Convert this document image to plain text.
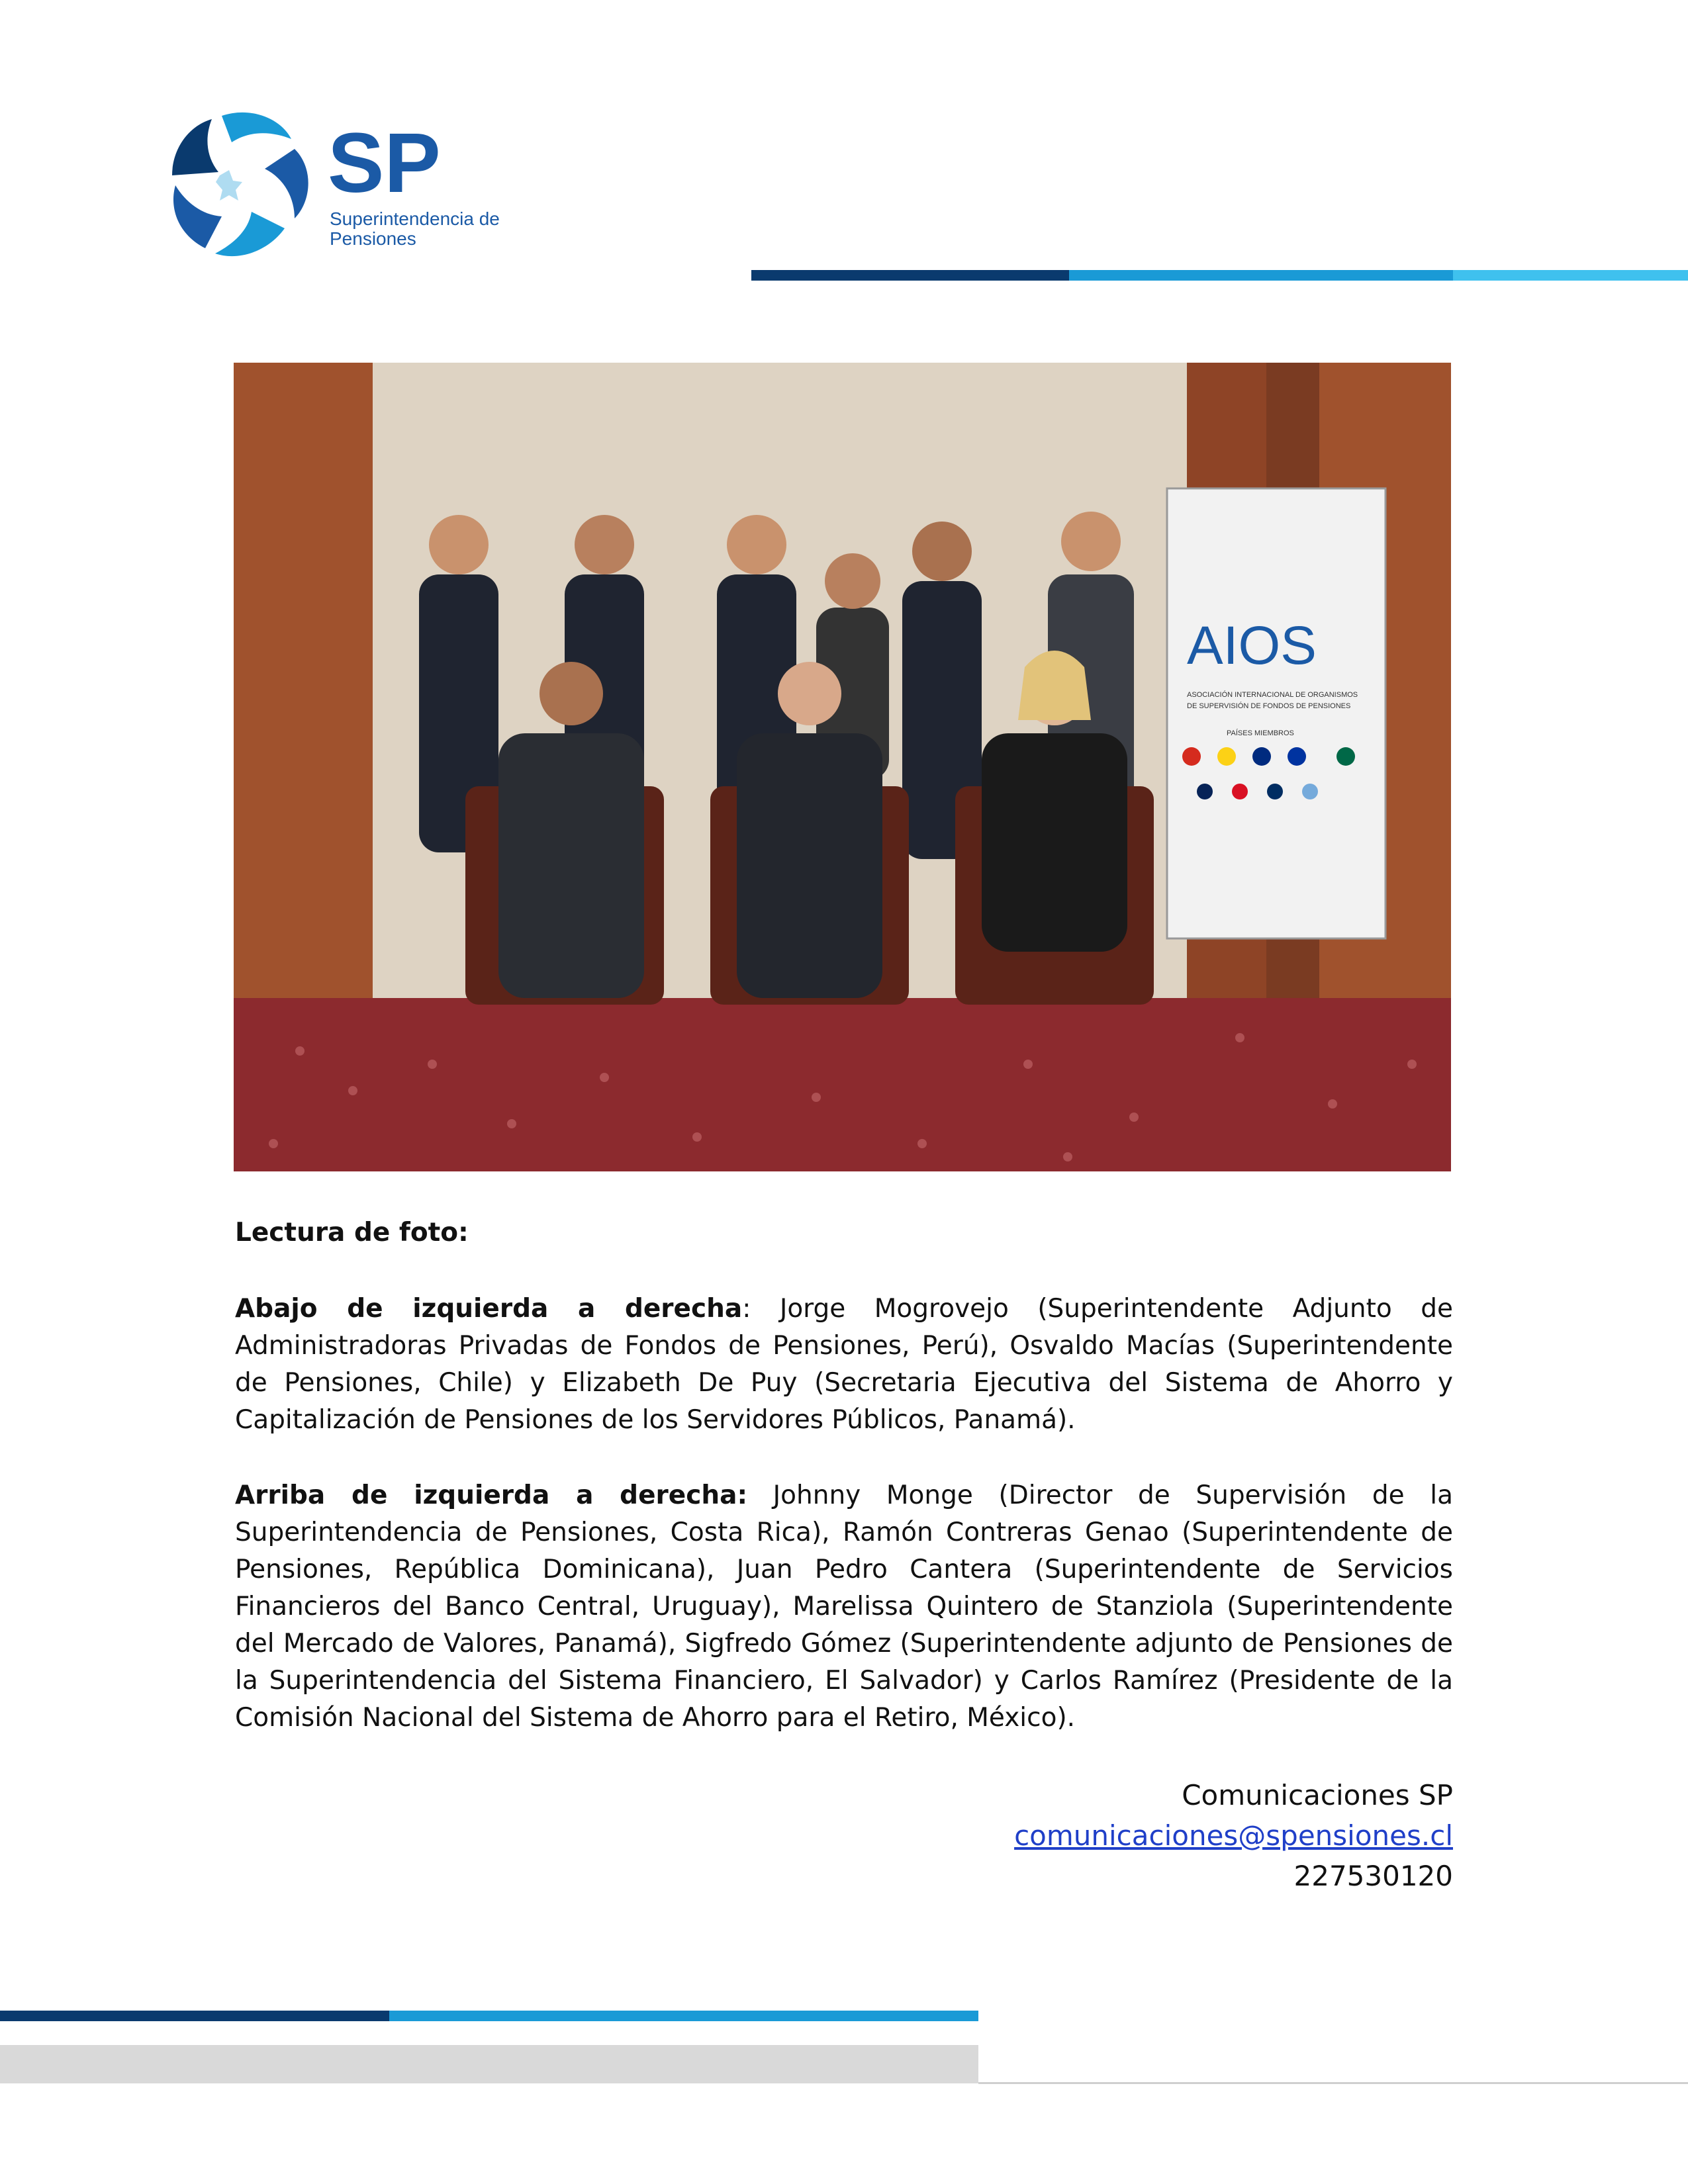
SP
Superintendencia de
Pensiones
AIOS
ASOCIACIÓN INTERNACIONAL DE ORGANISMOS
DE SUPERVISIÓN DE FONDOS DE PENSIONES
PAÍSES MIEMBROS
Lectura de foto:
Abajo de izquierda a derecha: Jorge Mogrovejo (Superintendente Adjunto de Administradoras Privadas de Fondos de Pensiones, Perú), Osvaldo Macías (Superintendente de Pensiones, Chile) y Elizabeth De Puy (Secretaria Ejecutiva del Sistema de Ahorro y Capitalización de Pensiones de los Servidores Públicos, Panamá).
Arriba de izquierda a derecha: Johnny Monge (Director de Supervisión de la Superintendencia de Pensiones, Costa Rica), Ramón Contreras Genao (Superintendente de Pensiones, República Dominicana), Juan Pedro Cantera (Superintendente de Servicios Financieros del Banco Central, Uruguay), Marelissa Quintero de Stanziola (Superintendente del Mercado de Valores, Panamá), Sigfredo Gómez (Superintendente adjunto de Pensiones de la Superintendencia del Sistema Financiero, El Salvador) y Carlos Ramírez (Presidente de la Comisión Nacional del Sistema de Ahorro para el Retiro, México).
Comunicaciones SP
comunicaciones@spensiones.cl
227530120
